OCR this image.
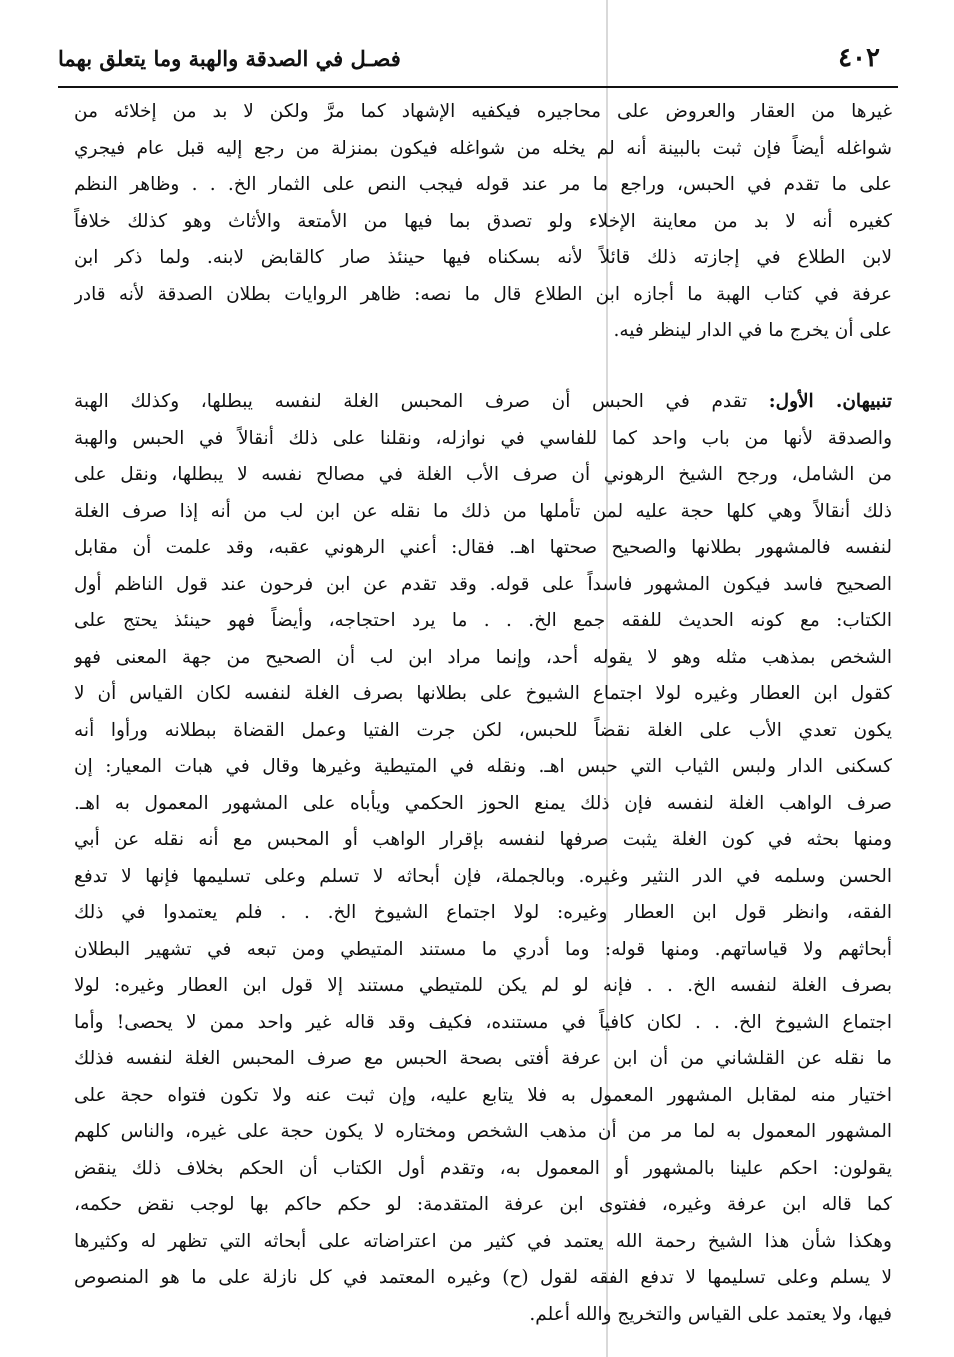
٤٠٢
فصـل في الصدقة والهبة وما يتعلق بهما
غيرها من العقار والعروض على محاجيره فيكفيه الإشهاد كما مرَّ ولكن لا بد من إخلائه من
شواغله أيضاً فإن ثبت بالبينة أنه لم يخله من شواغله فيكون بمنزلة من رجع إليه قبل عام فيجري
على ما تقدم في الحبس، وراجع ما مر عند قوله فيجب النص على الثمار الخ. . . وظاهر النظم
كغيره أنه لا بد من معاينة الإخلاء ولو تصدق بما فيها من الأمتعة والأثاث وهو كذلك خلافاً
لابن الطلاع في إجازته ذلك قائلاً لأنه بسكناه فيها حينئذ صار كالقابض لابنه. ولما ذكر ابن
عرفة في كتاب الهبة ما أجازه ابن الطلاع قال ما نصه: ظاهر الروايات بطلان الصدقة لأنه قادر
على أن يخرج ما في الدار لينظر فيه.
تنبيهان. الأول: تقدم في الحبس أن صرف المحبس الغلة لنفسه يبطلها، وكذلك الهبة
والصدقة لأنها من باب واحد كما للفاسي في نوازله، ونقلنا على ذلك أنقالاً في الحبس والهبة
من الشامل، ورجح الشيخ الرهوني أن صرف الأب الغلة في مصالح نفسه لا يبطلها، ونقل على
ذلك أنقالاً وهي كلها حجة عليه لمن تأملها من ذلك ما نقله عن ابن لب من أنه إذا صرف الغلة
لنفسه فالمشهور بطلانها والصحيح صحتها اهـ. فقال: أعني الرهوني عقبه، وقد علمت أن مقابل
الصحيح فاسد فيكون المشهور فاسداً على قوله. وقد تقدم عن ابن فرحون عند قول الناظم أول
الكتاب: مع كونه الحديث للفقه جمع الخ. . . ما يرد احتجاجه، وأيضاً فهو حينئذ يحتج على
الشخص بمذهب مثله وهو لا يقوله أحد، وإنما مراد ابن لب أن الصحيح من جهة المعنى فهو
كقول ابن العطار وغيره لولا اجتماع الشيوخ على بطلانها بصرف الغلة لنفسه لكان القياس أن لا
يكون تعدي الأب على الغلة نقضاً للحبس، لكن جرت الفتيا وعمل القضاة ببطلانه ورأوا أنه
كسكنى الدار ولبس الثياب التي حبس اهـ. ونقله في المتيطية وغيرها وقال في هبات المعيار: إن
صرف الواهب الغلة لنفسه فإن ذلك يمنع الحوز الحكمي ويأباه على المشهور المعمول به اهـ.
ومنها بحثه في كون الغلة يثبت صرفها لنفسه بإقرار الواهب أو المحبس مع أنه نقله عن أبي
الحسن وسلمه في الدر النثير وغيره. وبالجملة، فإن أبحاثه لا تسلم وعلى تسليمها فإنها لا تدفع
الفقه، وانظر قول ابن العطار وغيره: لولا اجتماع الشيوخ الخ. . . فلم يعتمدوا في ذلك
أبحاثهم ولا قياساتهم. ومنها قوله: وما أدري ما مستند المتيطي ومن تبعه في تشهير البطلان
بصرف الغلة لنفسه الخ. . . فإنه لو لم يكن للمتيطي مستند إلا قول ابن العطار وغيره: لولا
اجتماع الشيوخ الخ. . . لكان كافياً في مستنده، فكيف وقد قاله غير واحد ممن لا يحصى! وأما
ما نقله عن القلشاني من أن ابن عرفة أفتى بصحة الحبس مع صرف المحبس الغلة لنفسه فذلك
اختيار منه لمقابل المشهور المعمول به فلا يتابع عليه، وإن ثبت عنه ولا تكون فتواه حجة على
المشهور المعمول به لما مر من أن مذهب الشخص ومختاره لا يكون حجة على غيره، والناس كلهم
يقولون: احكم علينا بالمشهور أو المعمول به، وتقدم أول الكتاب أن الحكم بخلاف ذلك ينقض
كما قاله ابن عرفة وغيره، ففتوى ابن عرفة المتقدمة: لو حكم حاكم بها لوجب نقض حكمه،
وهكذا شأن هذا الشيخ رحمة الله يعتمد في كثير من اعتراضاته على أبحاثه التي تظهر له وكثيرها
لا يسلم وعلى تسليمها لا تدفع الفقه لقول (ح) وغيره المعتمد في كل نازلة على ما هو المنصوص
فيها، ولا يعتمد على القياس والتخريج والله أعلم.
